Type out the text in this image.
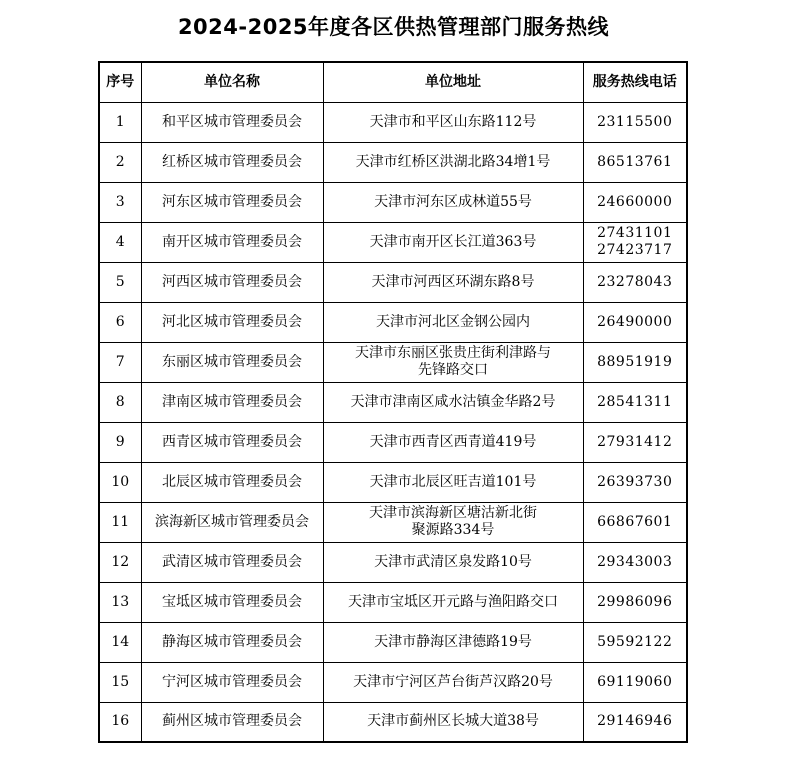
2024-2025年度各区供热管理部门服务热线
序号	单位名称	单位地址	服务热线电话
1	和平区城市管理委员会	天津市和平区山东路112号	23115500

2	红桥区城市管理委员会	天津市红桥区洪湖北路34增1号	86513761

3	河东区城市管理委员会	天津市河东区成林道55号	24660000

4	南开区城市管理委员会	天津市南开区长江道363号	27431101
27423717

5	河西区城市管理委员会	天津市河西区环湖东路8号	23278043

6	河北区城市管理委员会	天津市河北区金钢公园内	26490000

7	东丽区城市管理委员会	天津市东丽区张贵庄街利津路与
先锋路交口	88951919

8	津南区城市管理委员会	天津市津南区咸水沽镇金华路2号	28541311

9	西青区城市管理委员会	天津市西青区西青道419号	27931412

10	北辰区城市管理委员会	天津市北辰区旺吉道101号	26393730

11	滨海新区城市管理委员会	天津市滨海新区塘沽新北街
聚源路334号	66867601

12	武清区城市管理委员会	天津市武清区泉发路10号	29343003

13	宝坻区城市管理委员会	天津市宝坻区开元路与渔阳路交口	29986096

14	静海区城市管理委员会	天津市静海区津德路19号	59592122

15	宁河区城市管理委员会	天津市宁河区芦台街芦汉路20号	69119060

16	蓟州区城市管理委员会	天津市蓟州区长城大道38号	29146946
